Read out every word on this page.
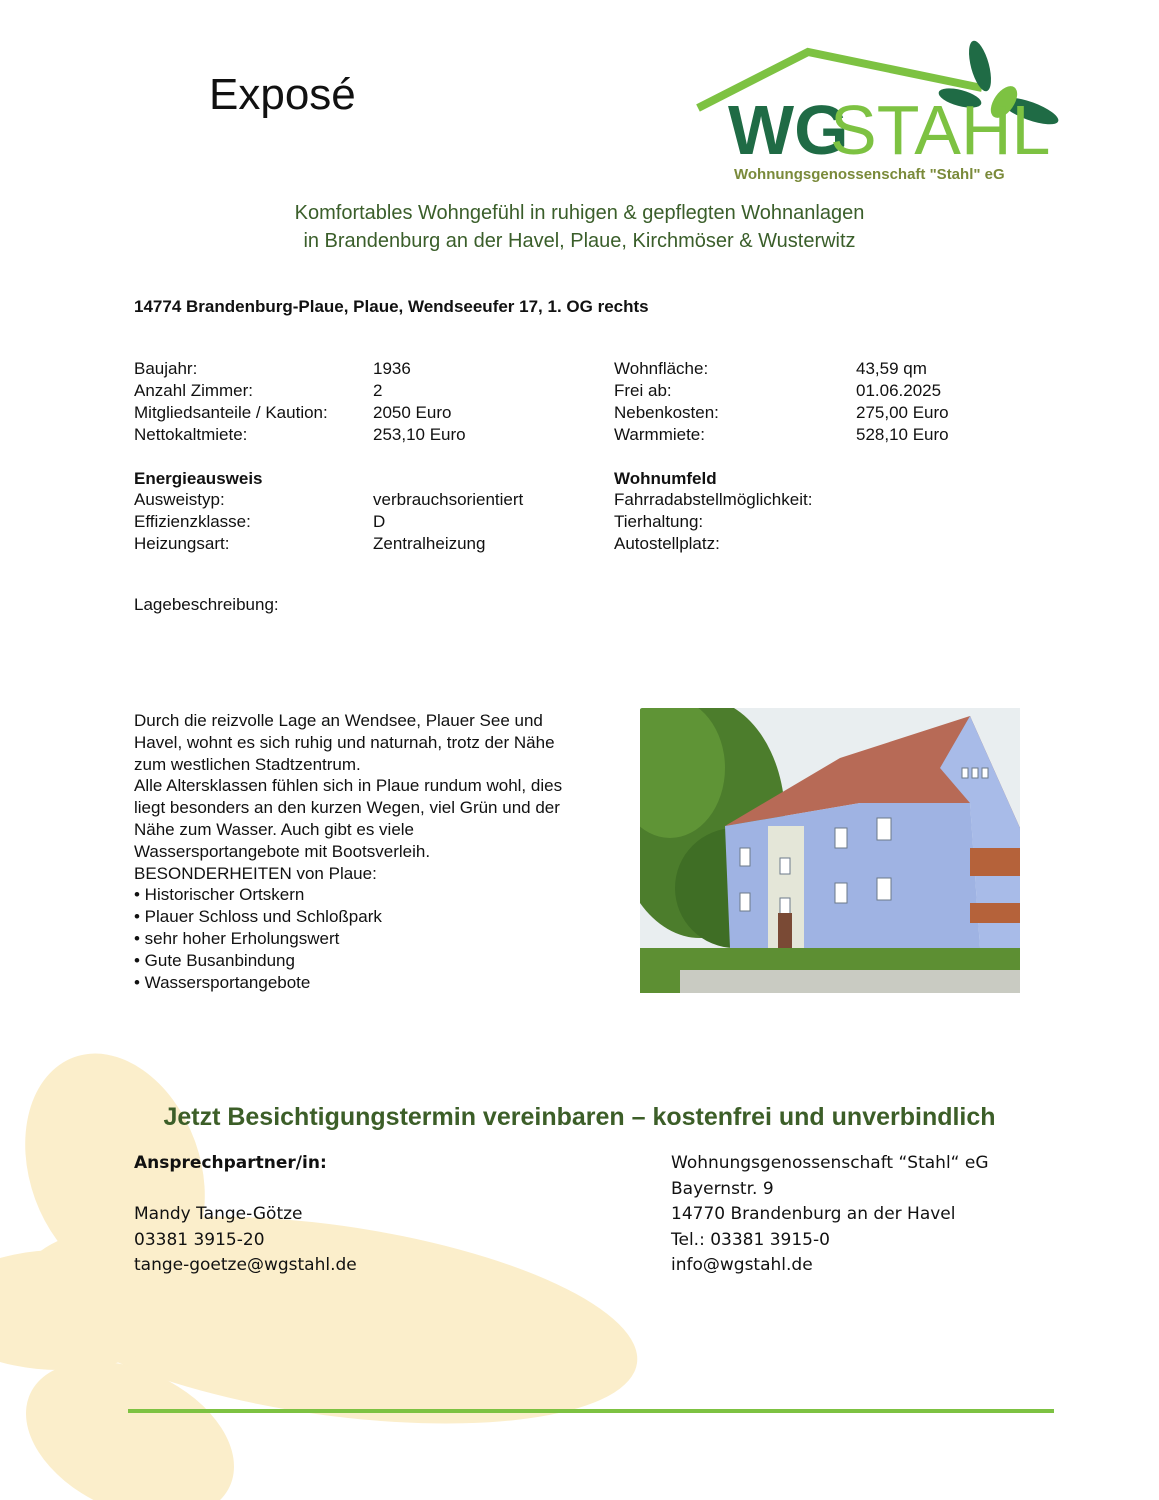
Exposé	WG
STAHL
Wohnungsgenossenschaft "Stahl" eG
Komfortables Wohngefühl in ruhigen & gepflegten Wohnanlagen
in Brandenburg an der Havel, Plaue, Kirchmöser & Wusterwitz
14774 Brandenburg-Plaue, Plaue, Wendseeufer 17, 1. OG rechts
Baujahr:	1936	Wohnfläche:	43,59 qm
Anzahl Zimmer:	2	Frei ab:	01.06.2025
Mitgliedsanteile / Kaution:	2050 Euro	Nebenkosten:	275,00 Euro
Nettokaltmiete:	253,10 Euro	Warmmiete:	528,10 Euro
Energieausweis	Wohnumfeld
Ausweistyp:	verbrauchsorientiert	Fahrradabstellmöglichkeit:
Effizienzklasse:	D	Tierhaltung:
Heizungsart:	Zentralheizung	Autostellplatz:
Lagebeschreibung:
Durch die reizvolle Lage an Wendsee, Plauer See und
Havel, wohnt es sich ruhig und naturnah, trotz der Nähe
zum westlichen Stadtzentrum.
Alle Altersklassen fühlen sich in Plaue rundum wohl, dies
liegt besonders an den kurzen Wegen, viel Grün und der
Nähe zum Wasser. Auch gibt es viele
Wassersportangebote mit Bootsverleih.
BESONDERHEITEN von Plaue:
• Historischer Ortskern
• Plauer Schloss und Schloßpark
• sehr hoher Erholungswert
• Gute Busanbindung
• Wassersportangebote
Jetzt Besichtigungstermin vereinbaren – kostenfrei und unverbindlich
Ansprechpartner/in:
Mandy Tange-Götze
03381 3915-20
tange-goetze@wgstahl.de
Wohnungsgenossenschaft “Stahl“ eG
Bayernstr. 9
14770 Brandenburg an der Havel
Tel.: 03381 3915-0
info@wgstahl.de
